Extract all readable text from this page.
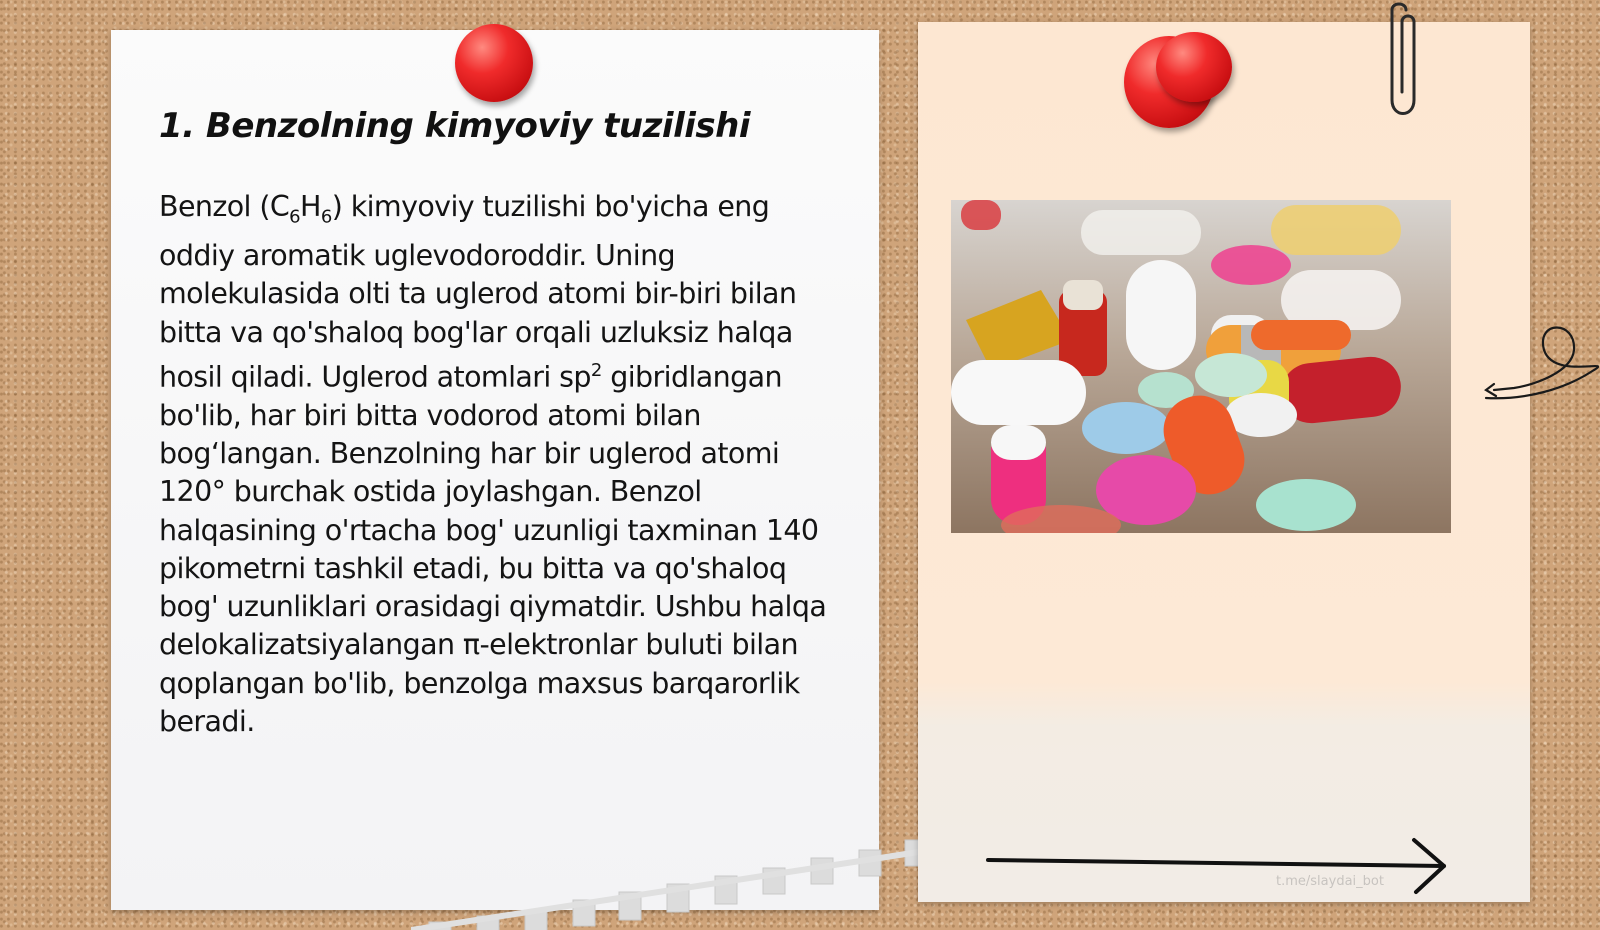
1. Benzolning kimyoviy tuzilishi
Benzol $(C_6H_6)$ kimyoviy tuzilishi bo'yicha eng oddiy aromatik uglevodoroddir. Uning molekulasida olti ta uglerod atomi bir-biri bilan bitta va qo'shaloq bog'lar orqali uzluksiz halqa hosil qiladi. Uglerod atomlari $sp^2$ gibridlangan bo'lib, har biri bitta vodorod atomi bilan bog‘langan. Benzolning har bir uglerod atomi 120° burchak ostida joylashgan. Benzol halqasining o'rtacha bog' uzunligi taxminan 140 pikometrni tashkil etadi, bu bitta va qo'shaloq bog' uzunliklari orasidagi qiymatdir. Ushbu halqa delokalizatsiyalangan π-elektronlar buluti bilan qoplangan bo'lib, benzolga maxsus barqarorlik beradi.
t.me/slaydai_bot
